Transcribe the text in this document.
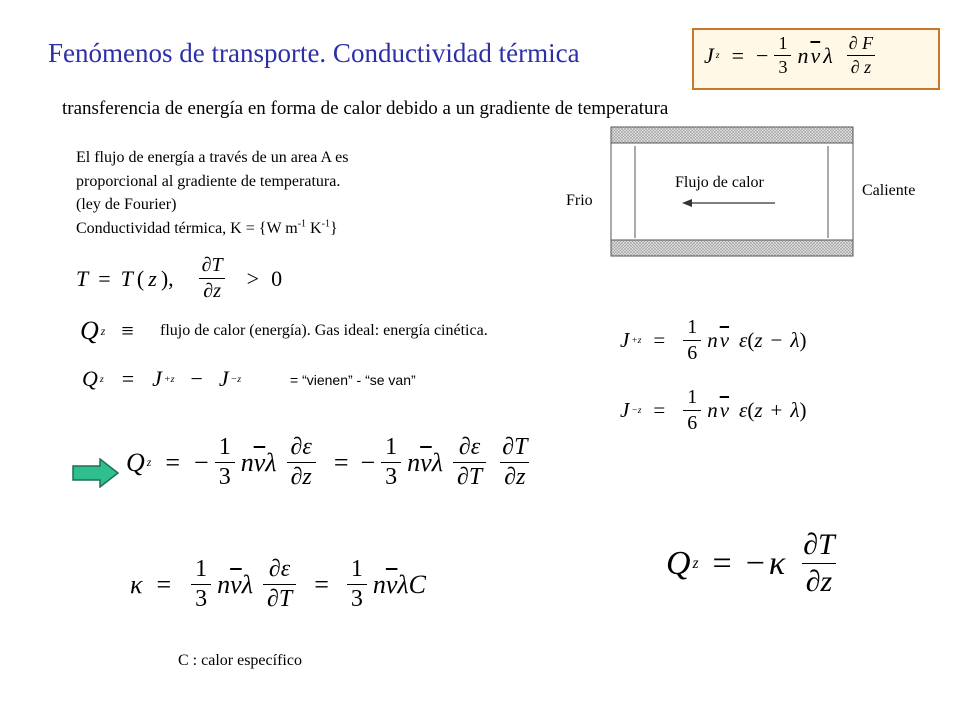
Fenómenos de transporte. Conductividad térmica	J z = − $\frac{1}{3}$ n $\overline{v}$ λ $\frac{\partial F}{\partial z}$
transferencia de energía en forma de calor debido a un gradiente de temperatura
El flujo de energía a través de un area A es
proporcional al gradiente de temperatura.
(ley de Fourier)
Conductividad térmica, K = {W $m^{-1}$ $K^{-1}$}
Flujo de calor
Frio
Caliente
T = T ( z ), $\frac{\partial T}{\partial z} > 0$
Q z ≡ flujo de calor (energía). Gas ideal: energía cinética.	$J +z = \frac{1}{6}$ n $\overline{v}$ ε ( z − λ )
$J -z = \frac{1}{6}$ n $\overline{v}$ ε ( z + λ )
Q z = J +z − J −z	= “vienen” - “se van”
Q z = − $\frac{1}{3}$ n $\overline{v}$ λ $\frac{\partial\varepsilon}{\partial z}$ = − $\frac{1}{3}$ n $\overline{v}$ λ $\frac{\partial\varepsilon}{\partial T} \frac{\partial T}{\partial z}$
Q z = − κ $\frac{\partial T}{\partial z}$
$\kappa = \frac{1}{3}$ n $\overline{v}$ λ $\frac{\partial\varepsilon}{\partial T} = \frac{1}{3}$ n $\overline{v}$ λ C
C : calor específico
